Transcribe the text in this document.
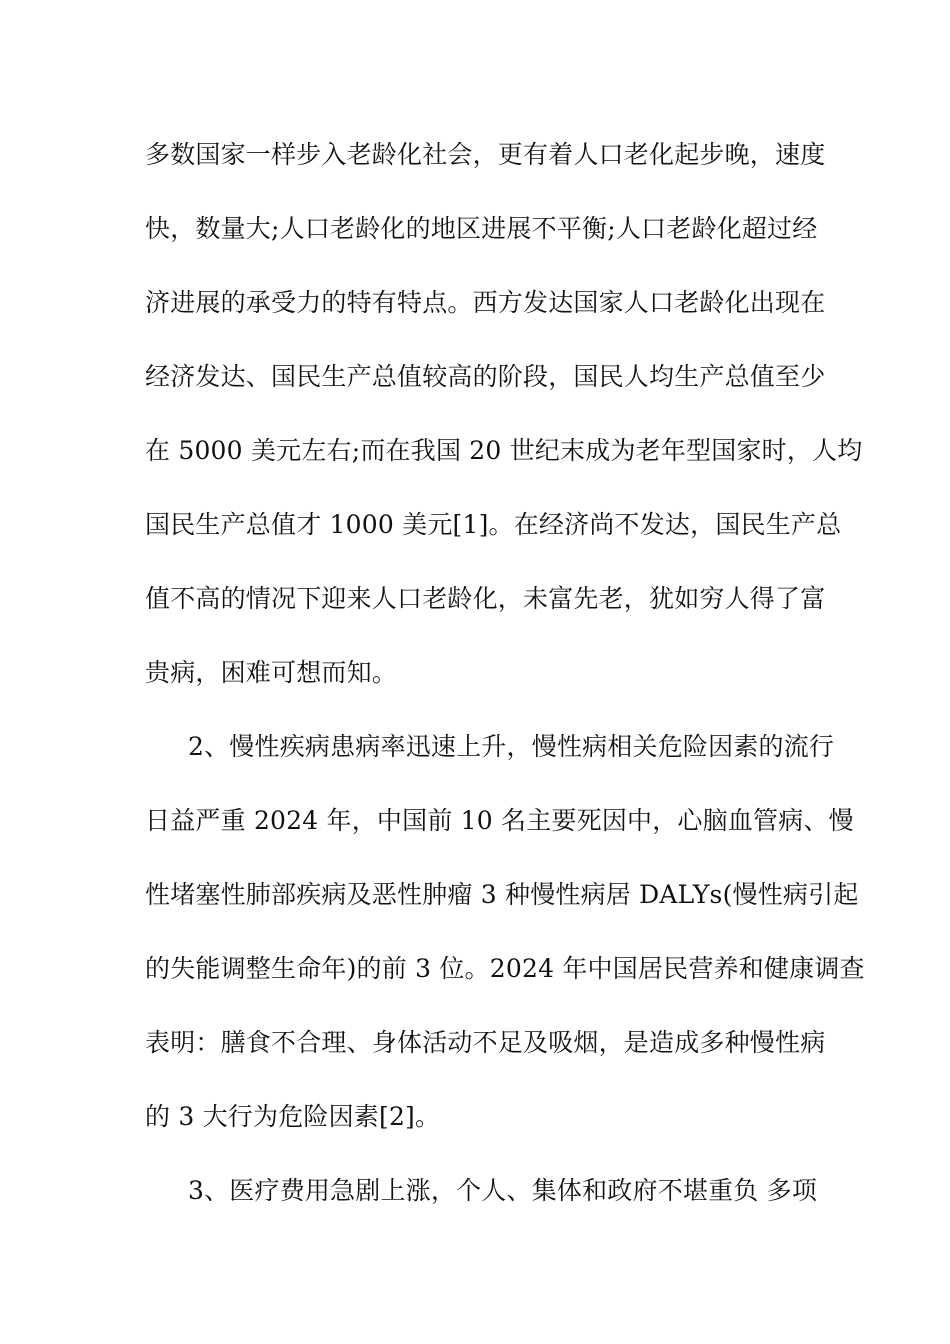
多数国家一样步入老龄化社会，更有着人口老化起步晚，速度
快，数量大;人口老龄化的地区进展不平衡;人口老龄化超过经
济进展的承受力的特有特点。西方发达国家人口老龄化出现在
经济发达、国民生产总值较高的阶段，国民人均生产总值至少
在 5000 美元左右;而在我国 20 世纪末成为老年型国家时，人均
国民生产总值才 1000 美元[1]。在经济尚不发达，国民生产总
值不高的情况下迎来人口老龄化，未富先老，犹如穷人得了富
贵病，困难可想而知。
2、慢性疾病患病率迅速上升，慢性病相关危险因素的流行
日益严重 2024 年，中国前 10 名主要死因中，心脑血管病、慢
性堵塞性肺部疾病及恶性肿瘤 3 种慢性病居 DALYs(慢性病引起
的失能调整生命年)的前 3 位。2024 年中国居民营养和健康调查
表明：膳食不合理、身体活动不足及吸烟，是造成多种慢性病
的 3 大行为危险因素[2]。
3、医疗费用急剧上涨，个人、集体和政府不堪重负 多项
